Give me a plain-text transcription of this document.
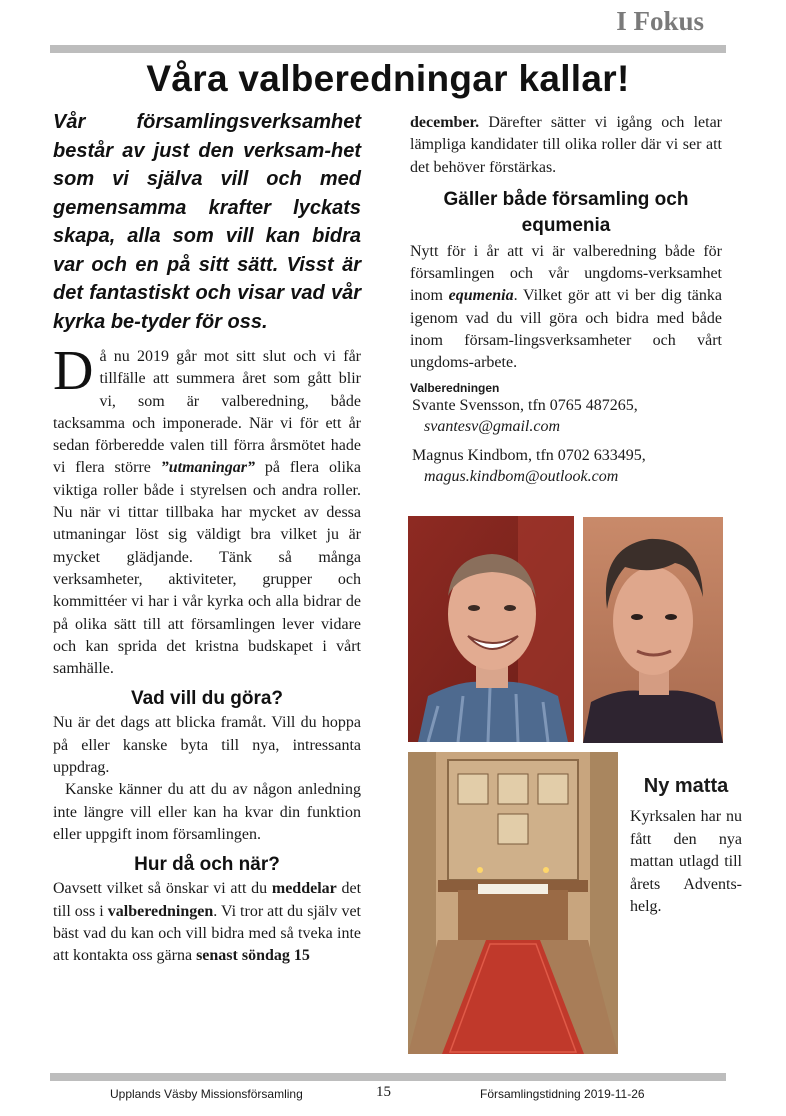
I Fokus
Våra valberedningar kallar!

Vår församlingsverksamhet består av just den verksam-het som vi själva vill och med gemensamma krafter lyckats skapa, alla som vill kan bidra var och en på sitt sätt. Visst är det fantastiskt och visar vad vår kyrka be-tyder för oss.

Då nu 2019 går mot sitt slut och vi får tillfälle att summera året som gått blir vi, som är valberedning, både tacksamma och imponerade. När vi för ett år sedan förberedde valen till förra årsmötet hade vi flera större ”utmaningar” på flera olika viktiga roller både i styrelsen och andra roller. Nu när vi tittar tillbaka har mycket av dessa utmaningar löst sig väldigt bra vilket ju är mycket glädjande. Tänk så många verksamheter, aktiviteter, grupper och kommittéer vi har i vår kyrka och alla bidrar de på olika sätt till att församlingen lever vidare och kan sprida det kristna budskapet i vårt samhälle.

Vad vill du göra?

Nu är det dags att blicka framåt. Vill du hoppa på eller kanske byta till nya, intressanta uppdrag.

Kanske känner du att du av någon anledning inte längre vill eller kan ha kvar din funktion eller uppgift inom församlingen.

Hur då och när?

Oavsett vilket så önskar vi att du meddelar det till oss i valberedningen. Vi tror att du själv vet bäst vad du kan och vill bidra med så tveka inte att kontakta oss gärna senast söndag 15

december. Därefter sätter vi igång och letar lämpliga kandidater till olika roller där vi ser att det behöver förstärkas.

Gäller både församling och equmenia

Nytt för i år att vi är valberedning både för församlingen och vår ungdoms-verksamhet inom equmenia. Vilket gör att vi ber dig tänka igenom vad du vill göra och bidra med både inom försam-lingsverksamheter och vårt ungdoms-arbete.

Valberedningen
Svante Svensson, tfn 0765 487265,
svantesv@gmail.com
Magnus Kindbom, tfn 0702 633495,
magus.kindbom@outlook.com
Ny matta

Kyrksalen har nu fått den nya mattan utlagd till årets Advents-helg.

Upplands Väsby Missionsförsamling	15	Församlingstidning 2019-11-26
